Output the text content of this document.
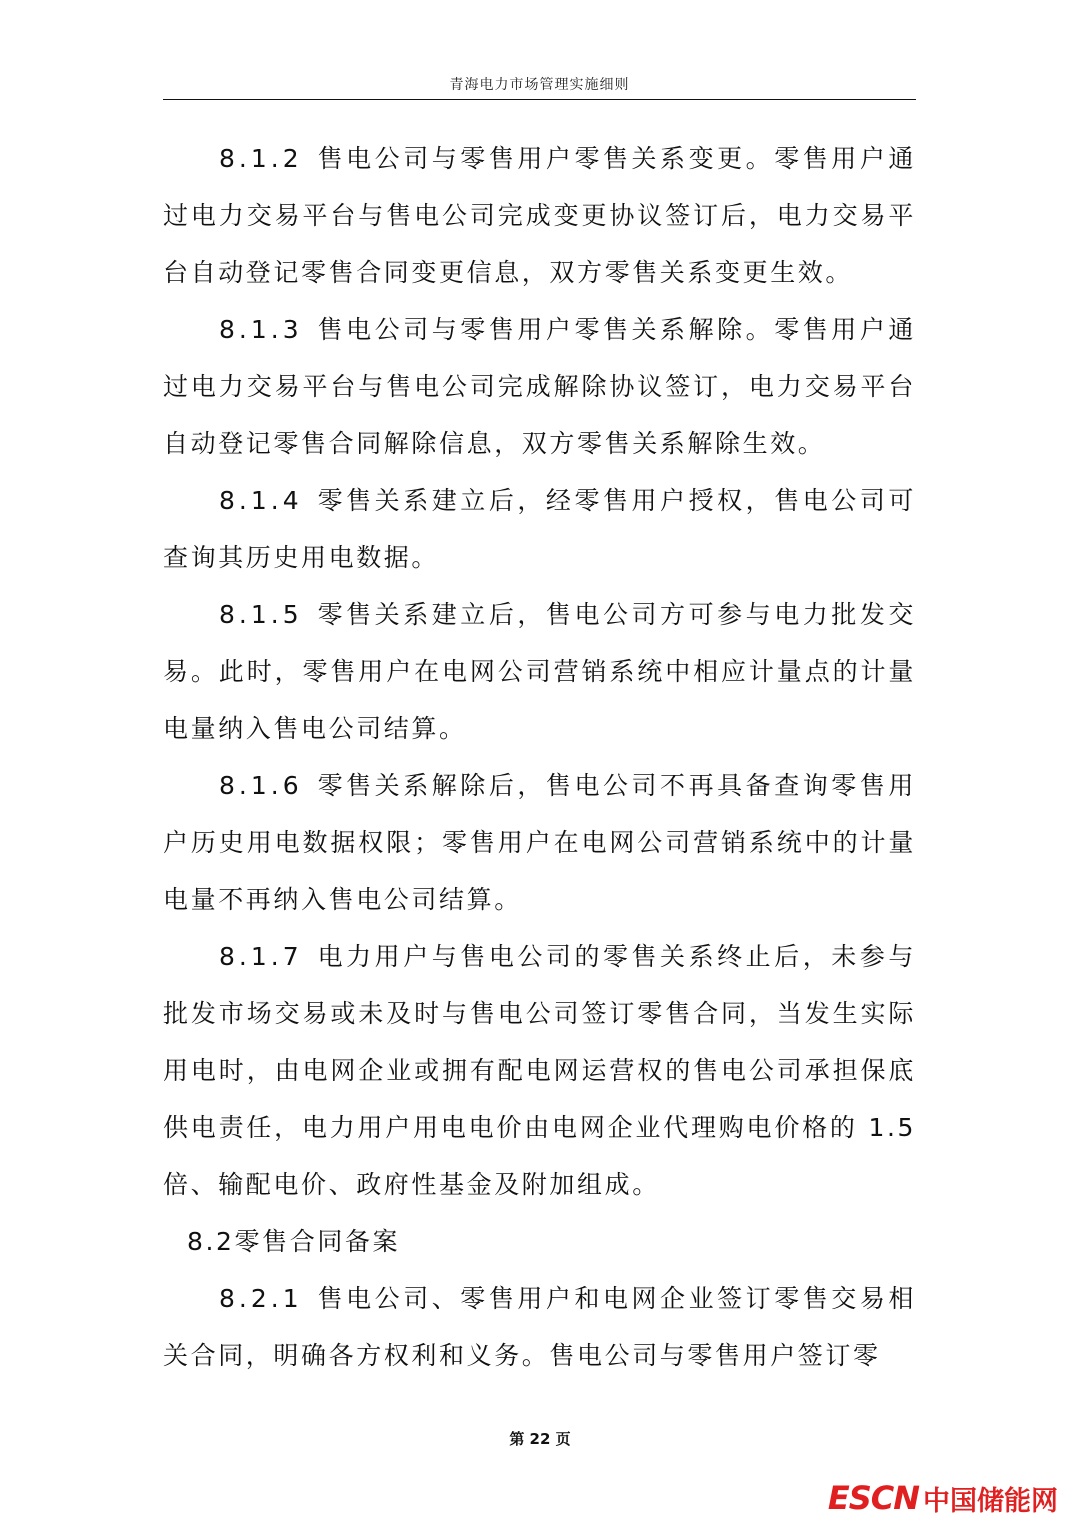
青海电力市场管理实施细则

8.1.2 售电公司与零售用户零售关系变更。零售用户通过电力交易平台与售电公司完成变更协议签订后，电力交易平台自动登记零售合同变更信息，双方零售关系变更生效。

8.1.3 售电公司与零售用户零售关系解除。零售用户通过电力交易平台与售电公司完成解除协议签订，电力交易平台自动登记零售合同解除信息，双方零售关系解除生效。

8.1.4 零售关系建立后，经零售用户授权，售电公司可查询其历史用电数据。

8.1.5 零售关系建立后，售电公司方可参与电力批发交易。此时，零售用户在电网公司营销系统中相应计量点的计量电量纳入售电公司结算。

8.1.6 零售关系解除后，售电公司不再具备查询零售用户历史用电数据权限；零售用户在电网公司营销系统中的计量电量不再纳入售电公司结算。

8.1.7 电力用户与售电公司的零售关系终止后，未参与批发市场交易或未及时与售电公司签订零售合同，当发生实际用电时，由电网企业或拥有配电网运营权的售电公司承担保底供电责任，电力用户用电电价由电网企业代理购电价格的 1.5 倍、输配电价、政府性基金及附加组成。

8.2零售合同备案

8.2.1 售电公司、零售用户和电网企业签订零售交易相关合同，明确各方权利和义务。售电公司与零售用户签订零

第 22 页
ESCN 中国储能网
